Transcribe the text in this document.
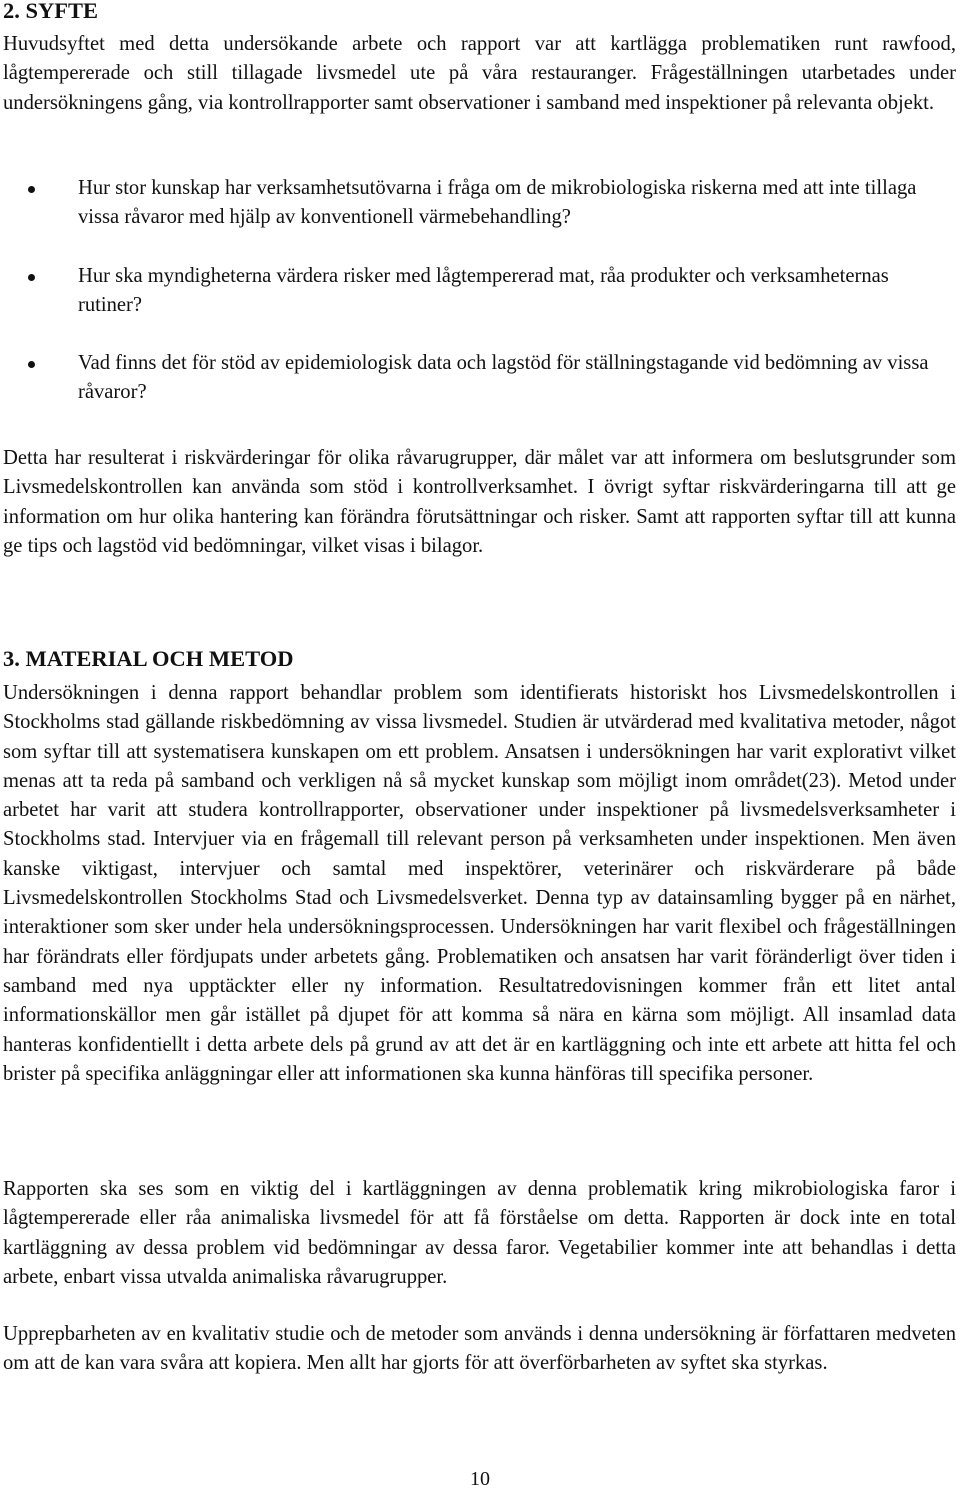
2. SYFTE

Huvudsyftet med detta undersökande arbete och rapport var att kartlägga problematiken runt rawfood, lågtempererade och still tillagade livsmedel ute på våra restauranger. Frågeställningen utarbetades under undersökningens gång, via kontrollrapporter samt observationer i samband med inspektioner på relevanta objekt.

Hur stor kunskap har verksamhetsutövarna i fråga om de mikrobiologiska riskerna med att inte tillaga vissa råvaror med hjälp av konventionell värmebehandling?
Hur ska myndigheterna värdera risker med lågtempererad mat, råa produkter och verksamheternas rutiner?
Vad finns det för stöd av epidemiologisk data och lagstöd för ställningstagande vid bedömning av vissa råvaror?

Detta har resulterat i riskvärderingar för olika råvarugrupper, där målet var att informera om beslutsgrunder som Livsmedelskontrollen kan använda som stöd i kontrollverksamhet. I övrigt syftar riskvärderingarna till att ge information om hur olika hantering kan förändra förutsättningar och risker. Samt att rapporten syftar till att kunna ge tips och lagstöd vid bedömningar, vilket visas i bilagor.

3. MATERIAL OCH METOD

Undersökningen i denna rapport behandlar problem som identifierats historiskt hos Livsmedelskontrollen i Stockholms stad gällande riskbedömning av vissa livsmedel. Studien är utvärderad med kvalitativa metoder, något som syftar till att systematisera kunskapen om ett problem. Ansatsen i undersökningen har varit explorativt vilket menas att ta reda på samband och verkligen nå så mycket kunskap som möjligt inom området(23). Metod under arbetet har varit att studera kontrollrapporter, observationer under inspektioner på livsmedelsverksamheter i Stockholms stad. Intervjuer via en frågemall till relevant person på verksamheten under inspektionen. Men även kanske viktigast, intervjuer och samtal med inspektörer, veterinärer och riskvärderare på både Livsmedelskontrollen Stockholms Stad och Livsmedelsverket. Denna typ av datainsamling bygger på en närhet, interaktioner som sker under hela undersökningsprocessen. Undersökningen har varit flexibel och frågeställningen har förändrats eller fördjupats under arbetets gång. Problematiken och ansatsen har varit föränderligt över tiden i samband med nya upptäckter eller ny information. Resultatredovisningen kommer från ett litet antal informationskällor men går istället på djupet för att komma så nära en kärna som möjligt. All insamlad data hanteras konfidentiellt i detta arbete dels på grund av att det är en kartläggning och inte ett arbete att hitta fel och brister på specifika anläggningar eller att informationen ska kunna hänföras till specifika personer.

Rapporten ska ses som en viktig del i kartläggningen av denna problematik kring mikrobiologiska faror i lågtempererade eller råa animaliska livsmedel för att få förståelse om detta. Rapporten är dock inte en total kartläggning av dessa problem vid bedömningar av dessa faror. Vegetabilier kommer inte att behandlas i detta arbete, enbart vissa utvalda animaliska råvarugrupper.

Upprepbarheten av en kvalitativ studie och de metoder som används i denna undersökning är författaren medveten om att de kan vara svåra att kopiera. Men allt har gjorts för att överförbarheten av syftet ska styrkas.

10
